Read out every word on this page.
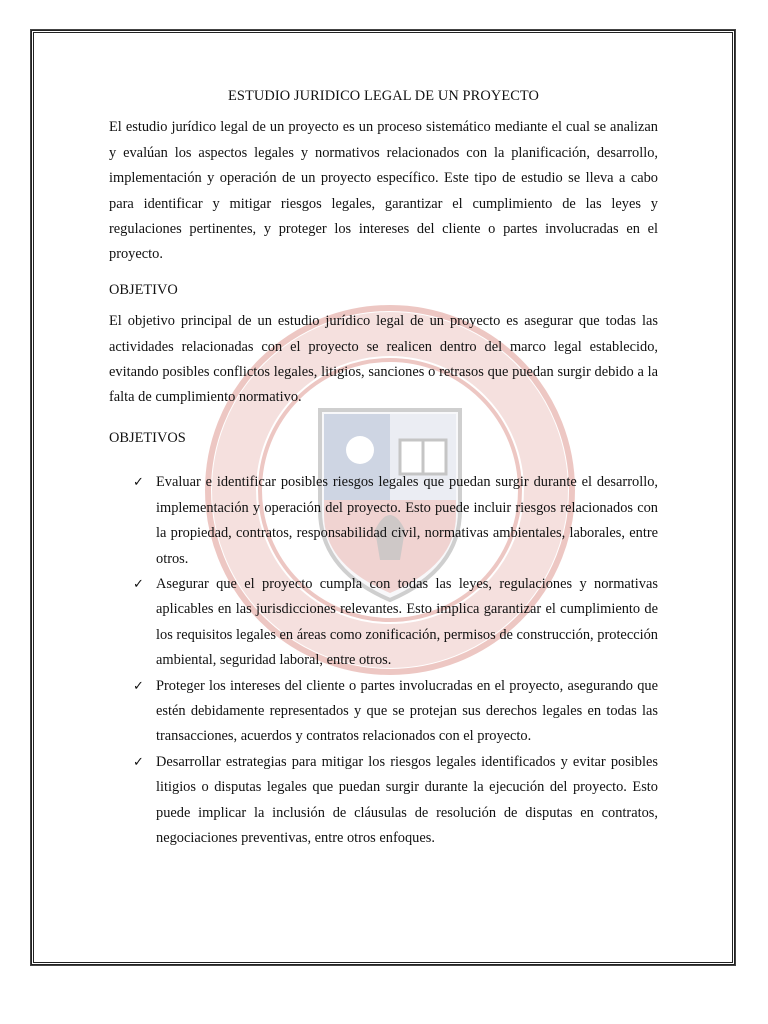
ESTUDIO JURIDICO LEGAL DE UN PROYECTO

El estudio jurídico legal de un proyecto es un proceso sistemático mediante el cual se analizan y evalúan los aspectos legales y normativos relacionados con la planificación, desarrollo, implementación y operación de un proyecto específico. Este tipo de estudio se lleva a cabo para identificar y mitigar riesgos legales, garantizar el cumplimiento de las leyes y regulaciones pertinentes, y proteger los intereses del cliente o partes involucradas en el proyecto.

OBJETIVO

El objetivo principal de un estudio jurídico legal de un proyecto es asegurar que todas las actividades relacionadas con el proyecto se realicen dentro del marco legal establecido, evitando posibles conflictos legales, litigios, sanciones o retrasos que puedan surgir debido a la falta de cumplimiento normativo.

OBJETIVOS
✓ Evaluar e identificar posibles riesgos legales que puedan surgir durante el desarrollo, implementación y operación del proyecto. Esto puede incluir riesgos relacionados con la propiedad, contratos, responsabilidad civil, normativas ambientales, laborales, entre otros.
✓ Asegurar que el proyecto cumpla con todas las leyes, regulaciones y normativas aplicables en las jurisdicciones relevantes. Esto implica garantizar el cumplimiento de los requisitos legales en áreas como zonificación, permisos de construcción, protección ambiental, seguridad laboral, entre otros.
✓ Proteger los intereses del cliente o partes involucradas en el proyecto, asegurando que estén debidamente representados y que se protejan sus derechos legales en todas las transacciones, acuerdos y contratos relacionados con el proyecto.
✓ Desarrollar estrategias para mitigar los riesgos legales identificados y evitar posibles litigios o disputas legales que puedan surgir durante la ejecución del proyecto. Esto puede implicar la inclusión de cláusulas de resolución de disputas en contratos, negociaciones preventivas, entre otros enfoques.
